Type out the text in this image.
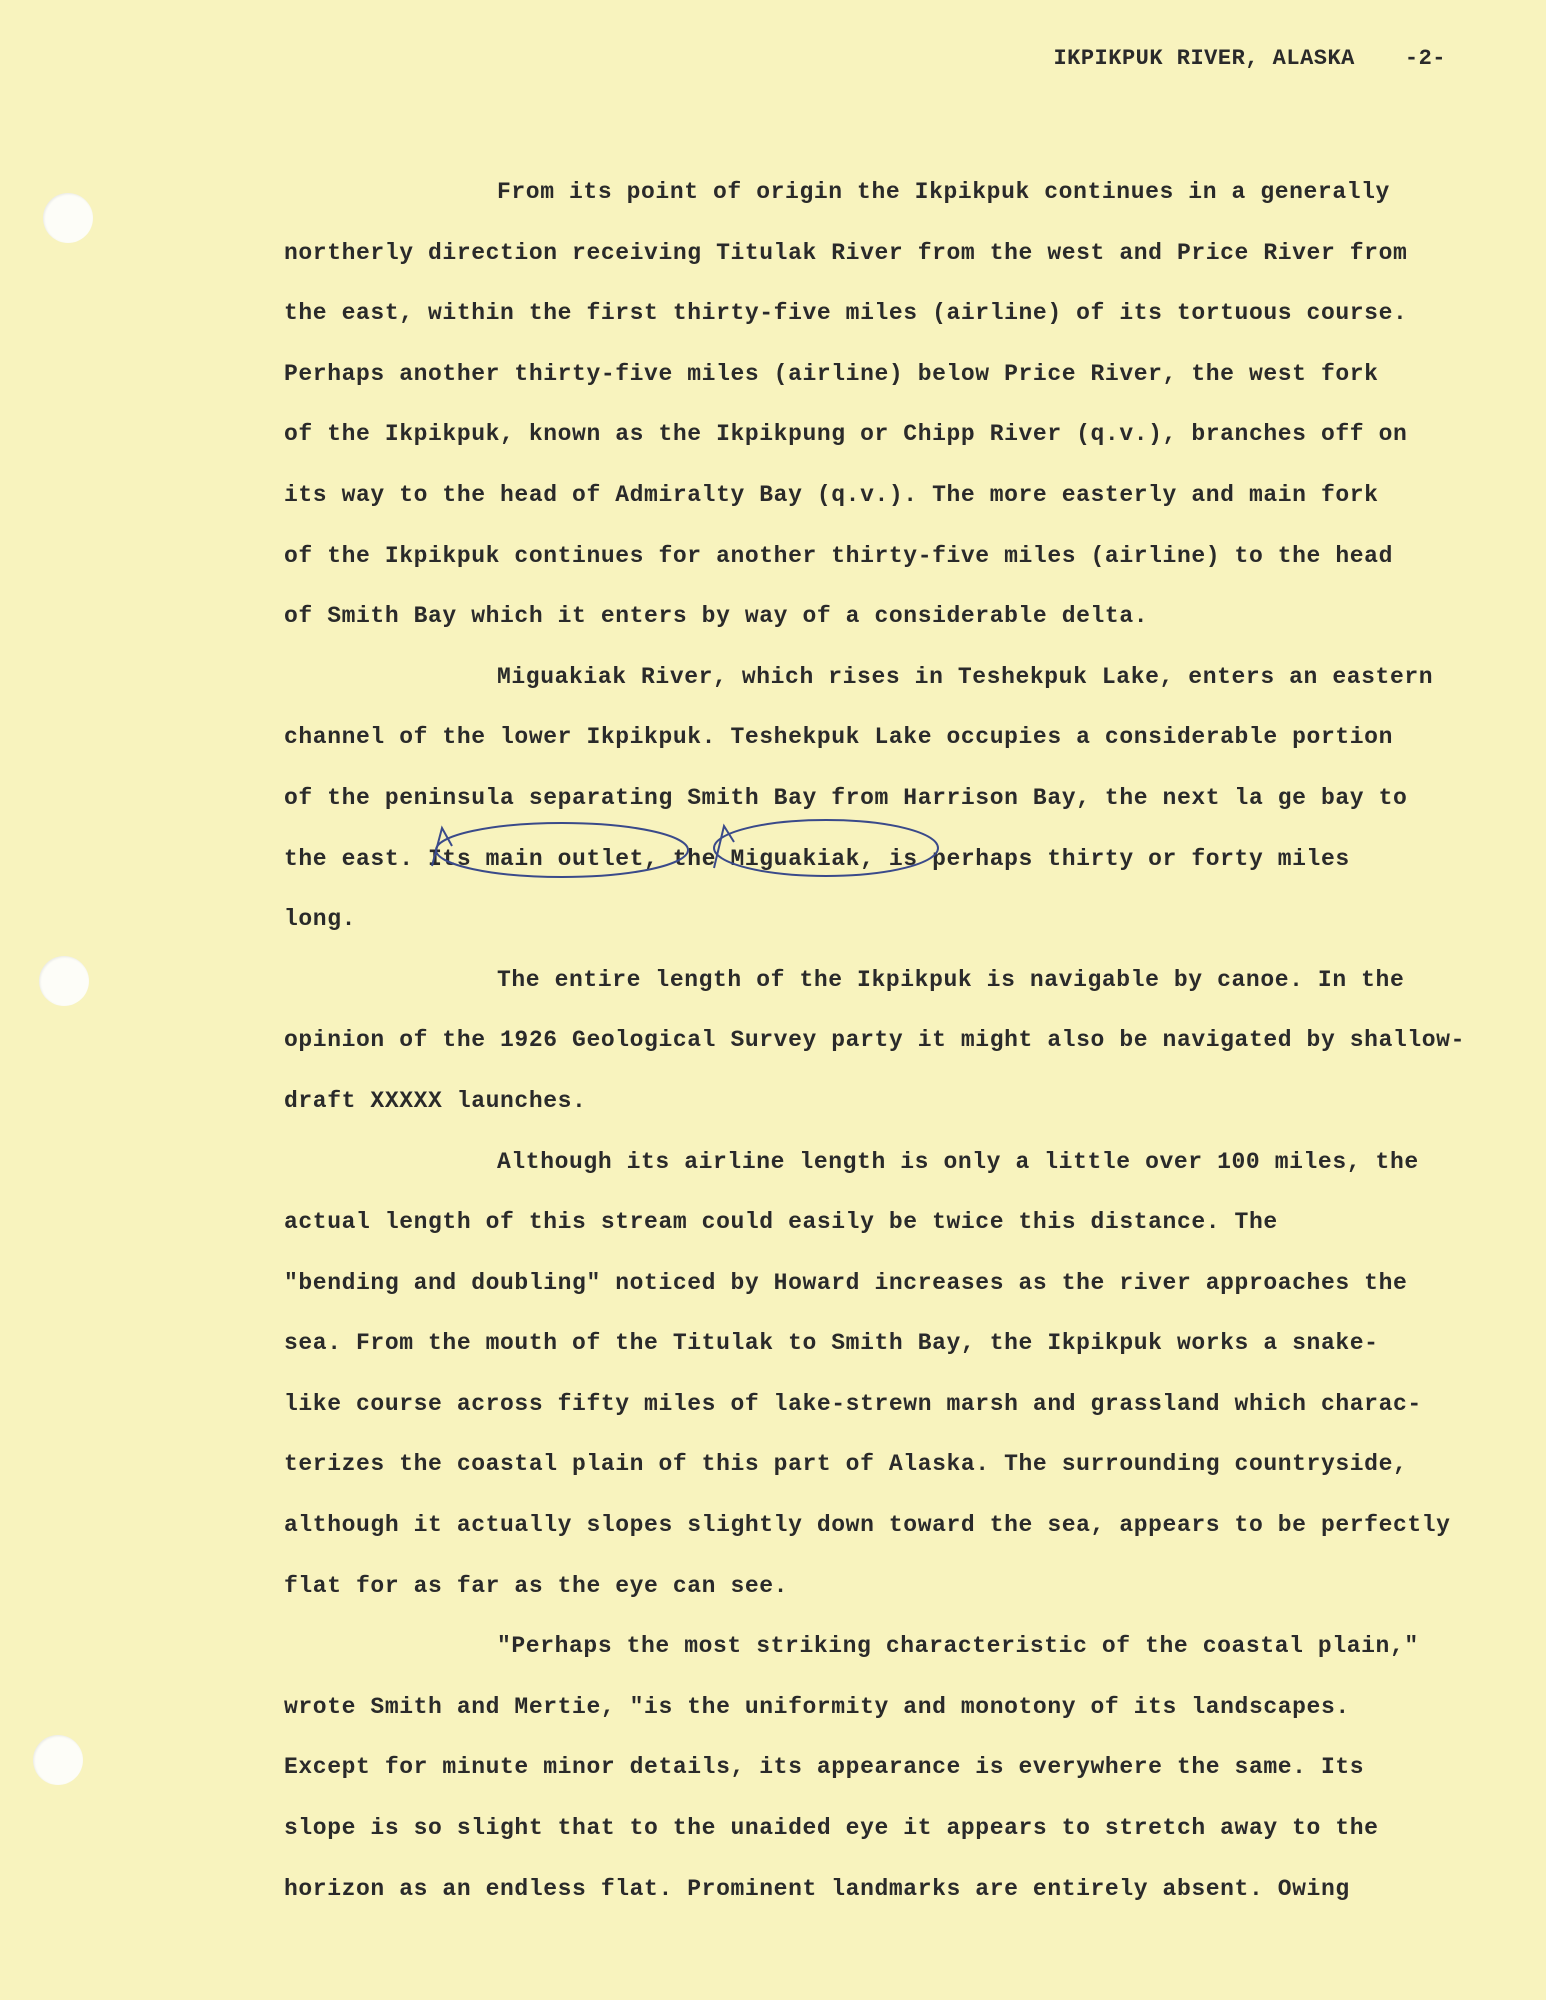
IKPIKPUK RIVER, ALASKA -2-
From its point of origin the Ikpikpuk continues in a generally
northerly direction receiving Titulak River from the west and Price River from
the east, within the first thirty-five miles (airline) of its tortuous course.
Perhaps another thirty-five miles (airline) below Price River, the west fork
of the Ikpikpuk, known as the Ikpikpung or Chipp River (q.v.), branches off on
its way to the head of Admiralty Bay (q.v.). The more easterly and main fork
of the Ikpikpuk continues for another thirty-five miles (airline) to the head
of Smith Bay which it enters by way of a considerable delta.
Miguakiak River, which rises in Teshekpuk Lake, enters an eastern
channel of the lower Ikpikpuk. Teshekpuk Lake occupies a considerable portion
of the peninsula separating Smith Bay from Harrison Bay, the next la ge bay to
the east. Its main outlet, the Miguakiak, is perhaps thirty or forty miles
long.
The entire length of the Ikpikpuk is navigable by canoe. In the
opinion of the 1926 Geological Survey party it might also be navigated by shallow-
draft XXXXX launches.
Although its airline length is only a little over 100 miles, the
actual length of this stream could easily be twice this distance. The
"bending and doubling" noticed by Howard increases as the river approaches the
sea. From the mouth of the Titulak to Smith Bay, the Ikpikpuk works a snake-
like course across fifty miles of lake-strewn marsh and grassland which charac-
terizes the coastal plain of this part of Alaska. The surrounding countryside,
although it actually slopes slightly down toward the sea, appears to be perfectly
flat for as far as the eye can see.
"Perhaps the most striking characteristic of the coastal plain,"
wrote Smith and Mertie, "is the uniformity and monotony of its landscapes.
Except for minute minor details, its appearance is everywhere the same. Its
slope is so slight that to the unaided eye it appears to stretch away to the
horizon as an endless flat. Prominent landmarks are entirely absent. Owing
